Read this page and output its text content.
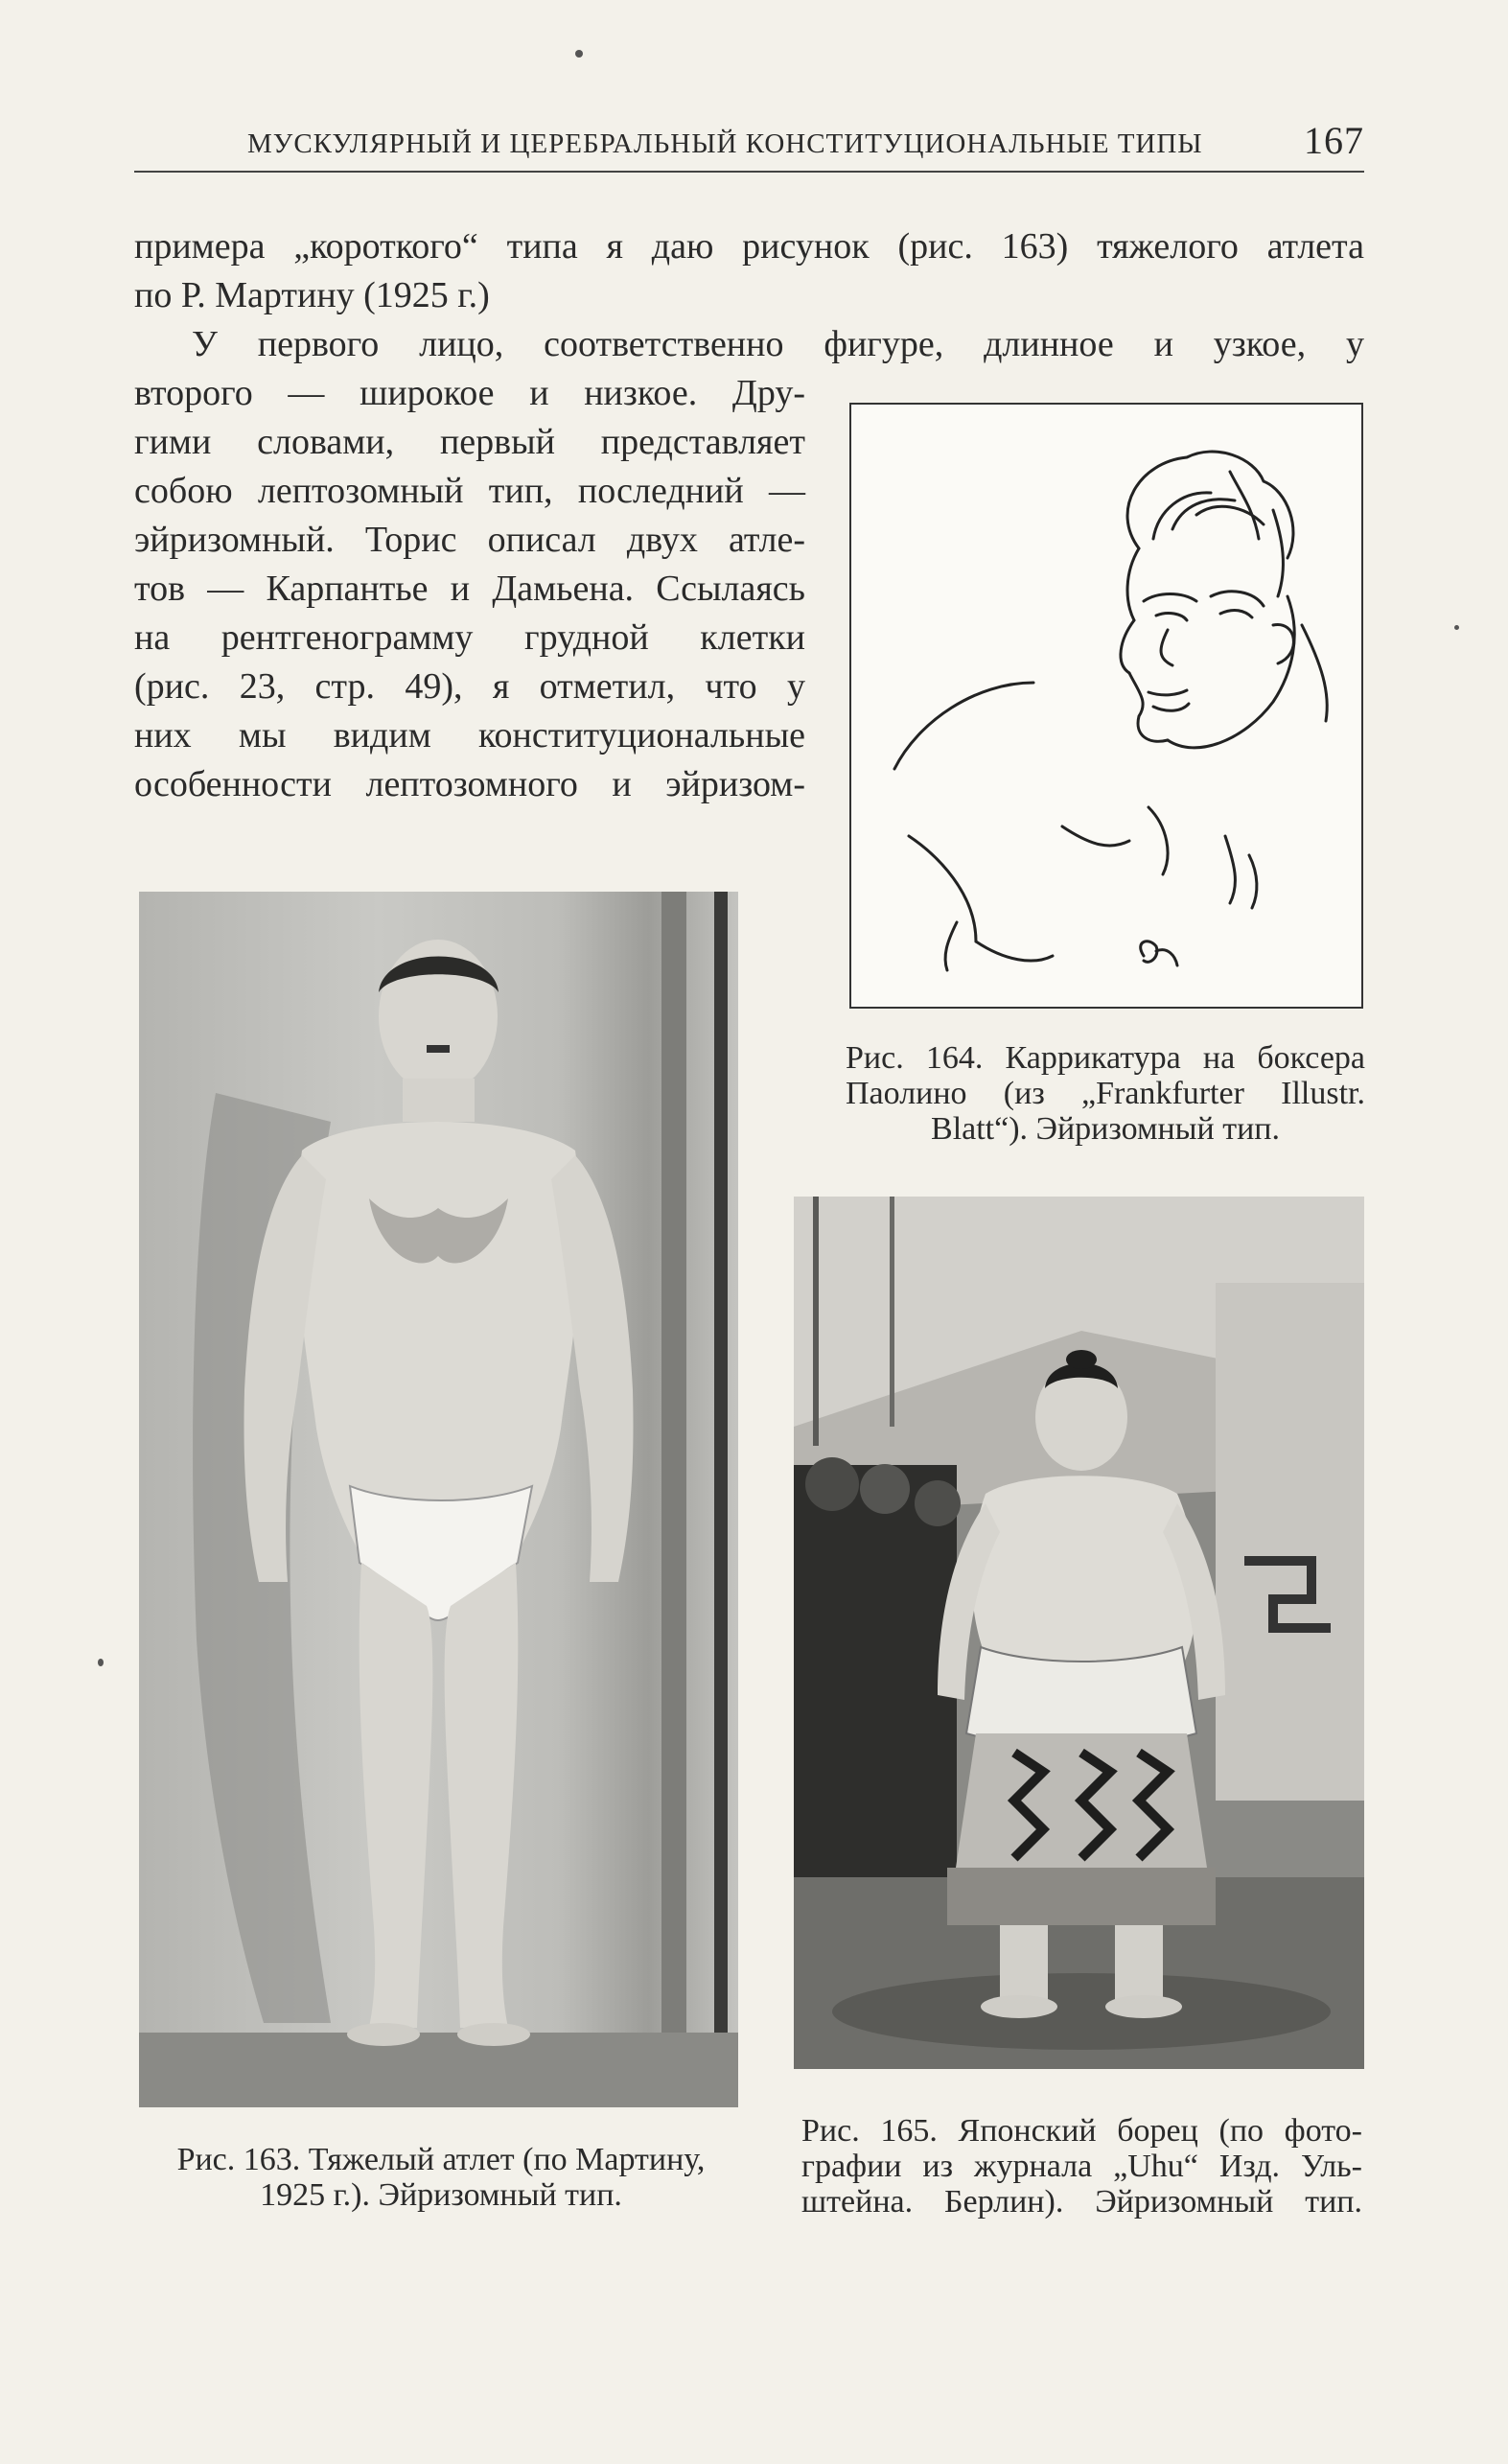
МУСКУЛЯРНЫЙ И ЦЕРЕБРАЛЬНЫЙ КОНСТИТУЦИОНАЛЬНЫЕ ТИПЫ	167
примера „короткого“ типа я даю рисунок (рис. 163) тяжелого атлета
по Р. Мартину (1925 г.)
У первого лицо, соответственно фигуре, длинное и узкое, у
второго — широкое и низкое. Дру-
гими словами, первый представляет
собою лептозомный тип, последний —
эйризомный. Торис описал двух атле-
тов — Карпантье и Дамьена. Ссылаясь
на рентгенограмму грудной клетки
(рис. 23, стр. 49), я отметил, что у
них мы видим конституциональные
особенности лептозомного и эйризом-
Рис. 164. Каррикатура на боксера
Паолино (из „Frankfurter Illustr.
Blatt“). Эйризомный тип.
Рис. 163. Тяжелый атлет (по Мартину,
1925 г.). Эйризомный тип.
Рис. 165. Японский борец (по фото-
графии из журнала „Uhu“ Изд. Уль-
штейна. Берлин). Эйризомный тип.
